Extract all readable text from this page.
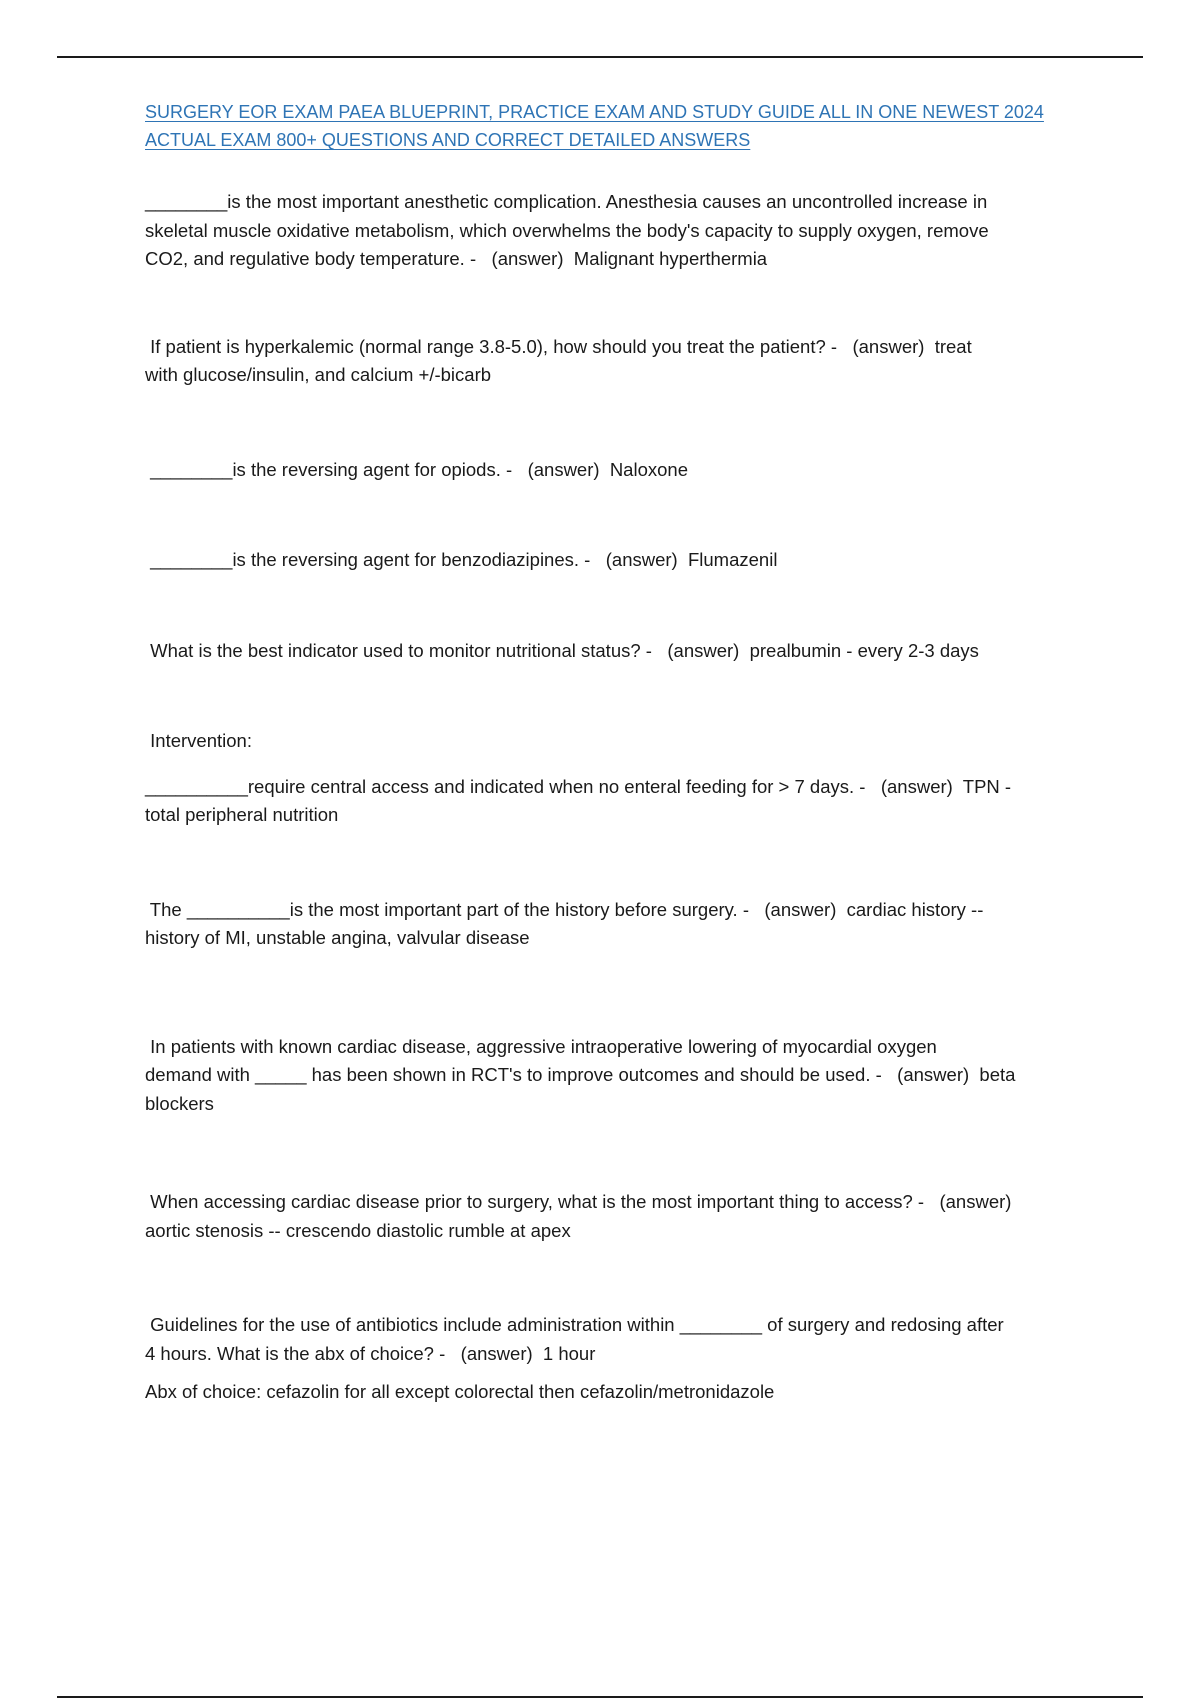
SURGERY EOR EXAM PAEA BLUEPRINT, PRACTICE EXAM AND STUDY GUIDE ALL IN ONE NEWEST 2024
ACTUAL EXAM 800+ QUESTIONS AND CORRECT DETAILED ANSWERS

________is the most important anesthetic complication. Anesthesia causes an uncontrolled increase in
skeletal muscle oxidative metabolism, which overwhelms the body's capacity to supply oxygen, remove
CO2, and regulative body temperature. -   (answer)  Malignant hyperthermia

If patient is hyperkalemic (normal range 3.8-5.0), how should you treat the patient? -   (answer)  treat
with glucose/insulin, and calcium +/-bicarb

________is the reversing agent for opiods. -   (answer)  Naloxone

________is the reversing agent for benzodiazipines. -   (answer)  Flumazenil

What is the best indicator used to monitor nutritional status? -   (answer)  prealbumin - every 2-3 days

Intervention:

__________require central access and indicated when no enteral feeding for > 7 days. -   (answer)  TPN -
total peripheral nutrition

The __________is the most important part of the history before surgery. -   (answer)  cardiac history --
history of MI, unstable angina, valvular disease

In patients with known cardiac disease, aggressive intraoperative lowering of myocardial oxygen
demand with _____ has been shown in RCT's to improve outcomes and should be used. -   (answer)  beta
blockers

When accessing cardiac disease prior to surgery, what is the most important thing to access? -   (answer)
aortic stenosis -- crescendo diastolic rumble at apex

Guidelines for the use of antibiotics include administration within ________ of surgery and redosing after
4 hours. What is the abx of choice? -   (answer)  1 hour

Abx of choice: cefazolin for all except colorectal then cefazolin/metronidazole
